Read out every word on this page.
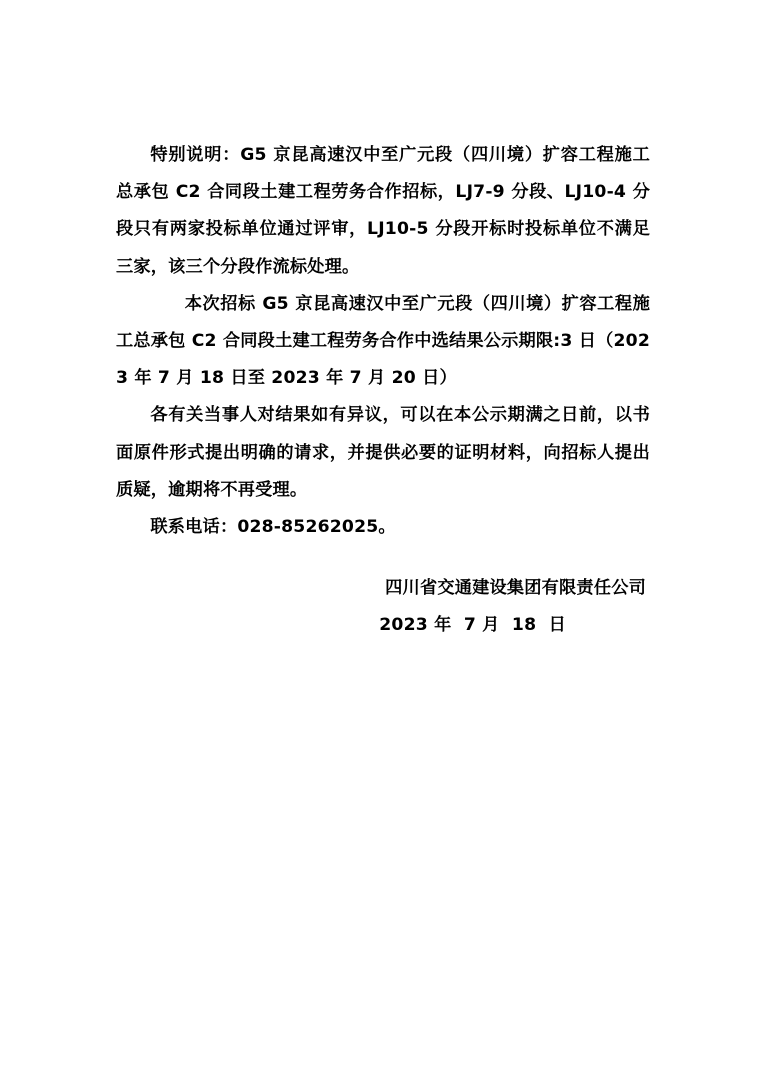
特别说明：G5 京昆高速汉中至广元段（四川境）扩容工程施工总承包 C2 合同段土建工程劳务合作招标，LJ7-9 分段、LJ10-4 分段只有两家投标单位通过评审，LJ10-5 分段开标时投标单位不满足三家，该三个分段作流标处理。

本次招标 G5 京昆高速汉中至广元段（四川境）扩容工程施工总承包 C2 合同段土建工程劳务合作中选结果公示期限:3 日（2023 年 7 月 18 日至 2023 年 7 月 20 日）

各有关当事人对结果如有异议，可以在本公示期满之日前，以书面原件形式提出明确的请求，并提供必要的证明材料，向招标人提出质疑，逾期将不再受理。

联系电话：028-85262025。

四川省交通建设集团有限责任公司
2023 年  7 月  18  日
